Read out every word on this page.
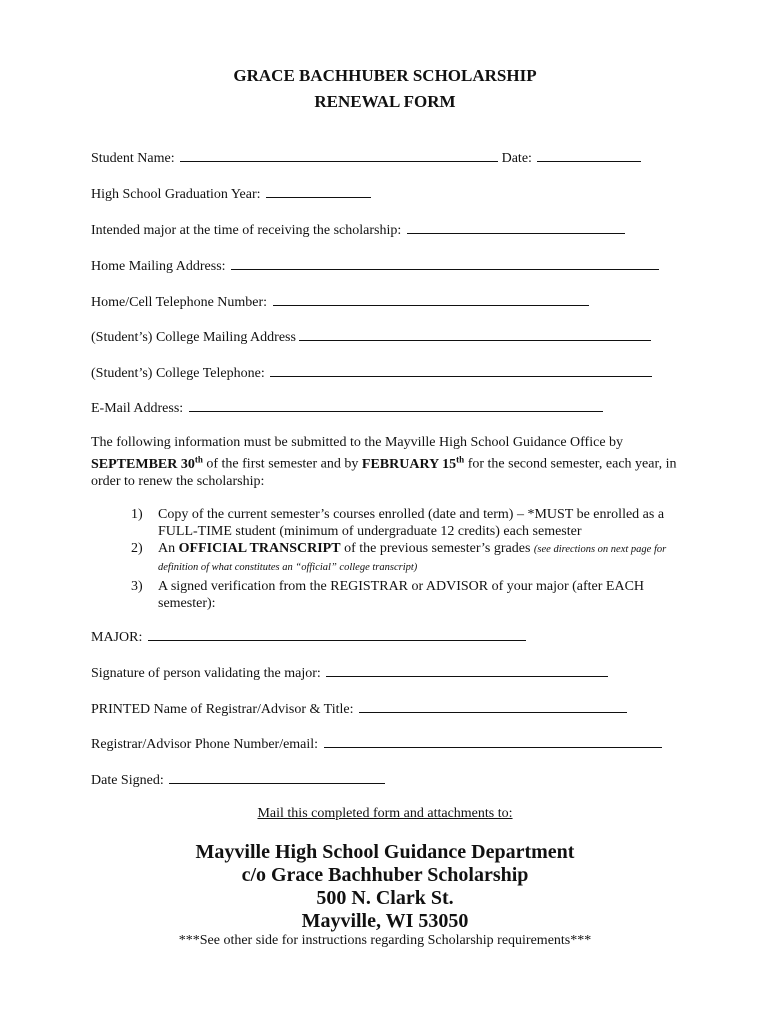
GRACE BACHHUBER SCHOLARSHIP
RENEWAL FORM
Student Name:	Date:
High School Graduation Year:
Intended major at the time of receiving the scholarship:
Home Mailing Address:
Home/Cell Telephone Number:
(Student’s) College Mailing Address
(Student’s) College Telephone:
E-Mail Address:
The following information must be submitted to the Mayville High School Guidance Office by SEPTEMBER 30th of the first semester and by FEBRUARY 15th for the second semester, each year, in order to renew the scholarship:
1) Copy of the current semester’s courses enrolled (date and term) – *MUST be enrolled as a FULL-TIME student (minimum of undergraduate 12 credits) each semester
2) An OFFICIAL TRANSCRIPT of the previous semester’s grades (see directions on next page for definition of what constitutes an “official” college transcript)
3) A signed verification from the REGISTRAR or ADVISOR of your major (after EACH semester):
MAJOR:
Signature of person validating the major:
PRINTED Name of Registrar/Advisor & Title:
Registrar/Advisor Phone Number/email:
Date Signed:
Mail this completed form and attachments to:
Mayville High School Guidance Department
c/o Grace Bachhuber Scholarship
500 N. Clark St.
Mayville, WI 53050
***See other side for instructions regarding Scholarship requirements***
